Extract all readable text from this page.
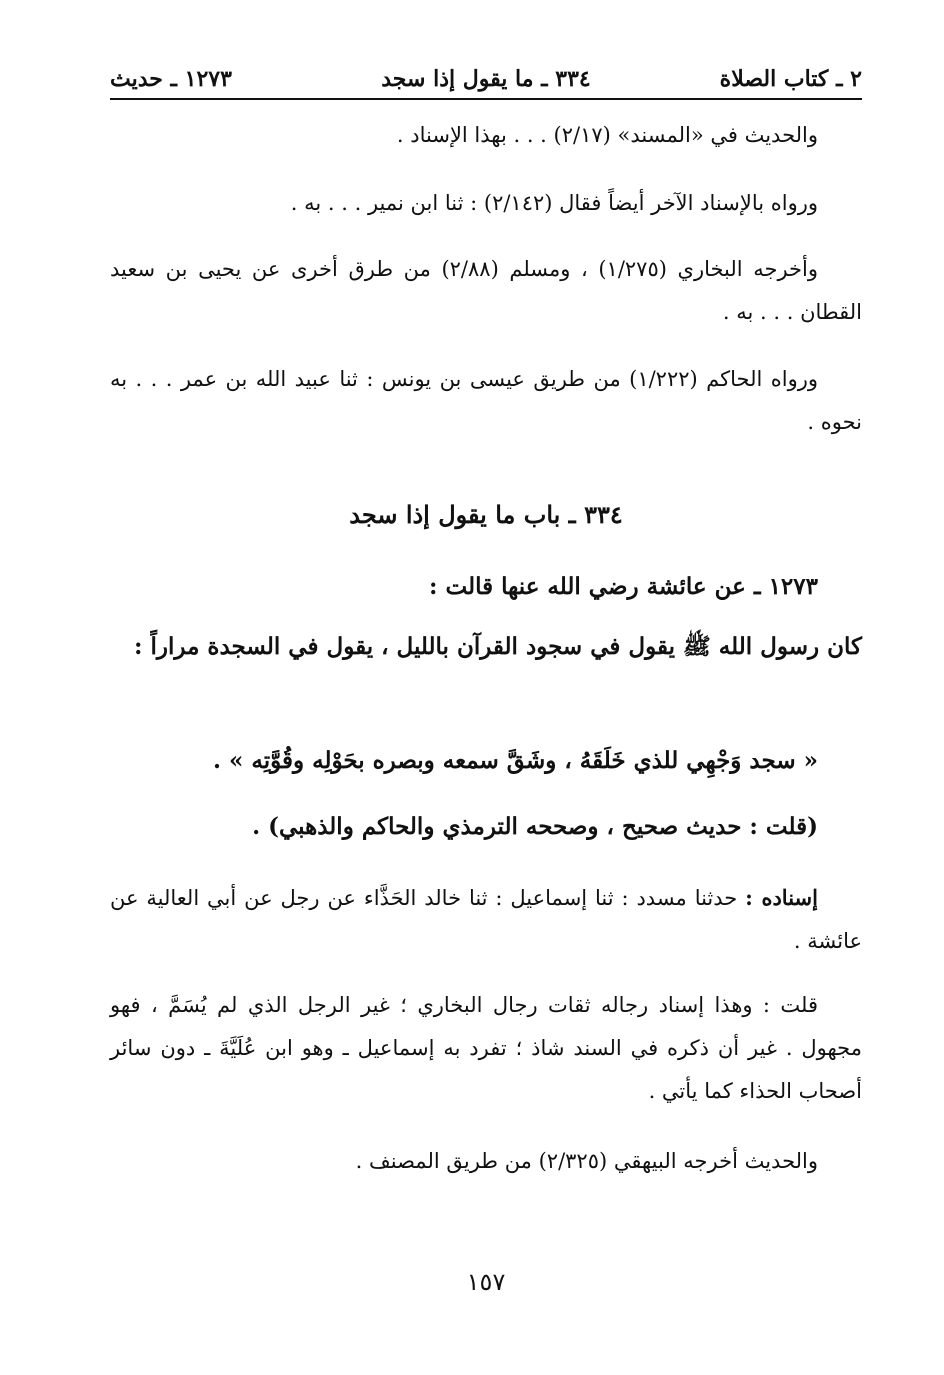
٢ ـ كتاب الصلاة
٣٣٤ ـ ما يقول إذا سجد
١٢٧٣ ـ حديث
والحديث في «المسند» (٢/١٧) . . . بهذا الإسناد .
ورواه بالإسناد الآخر أيضاً فقال (٢/١٤٢) : ثنا ابن نمير . . . به .
وأخرجه البخاري (١/٢٧٥) ، ومسلم (٢/٨٨) من طرق أخرى عن يحيى بن سعيد القطان . . . به .
ورواه الحاكم (١/٢٢٢) من طريق عيسى بن يونس : ثنا عبيد الله بن عمر . . . به نحوه .
٣٣٤ ـ باب ما يقول إذا سجد
١٢٧٣ ـ عن عائشة رضي الله عنها قالت :
كان رسول الله ﷺ يقول في سجود القرآن بالليل ، يقول في السجدة مراراً :
« سجد وَجْهِي للذي خَلَقَهُ ، وشَقَّ سمعه وبصره بحَوْلِه وقُوَّتِه » .
(قلت : حديث صحيح ، وصححه الترمذي والحاكم والذهبي) .
إسناده : حدثنا مسدد : ثنا إسماعيل : ثنا خالد الحَذَّاء عن رجل عن أبي العالية عن عائشة .
قلت : وهذا إسناد رجاله ثقات رجال البخاري ؛ غير الرجل الذي لم يُسَمَّ ، فهو مجهول . غير أن ذكره في السند شاذ ؛ تفرد به إسماعيل ـ وهو ابن عُلَيَّةَ ـ دون سائر أصحاب الحذاء كما يأتي .
والحديث أخرجه البيهقي (٢/٣٢٥) من طريق المصنف .
١٥٧
